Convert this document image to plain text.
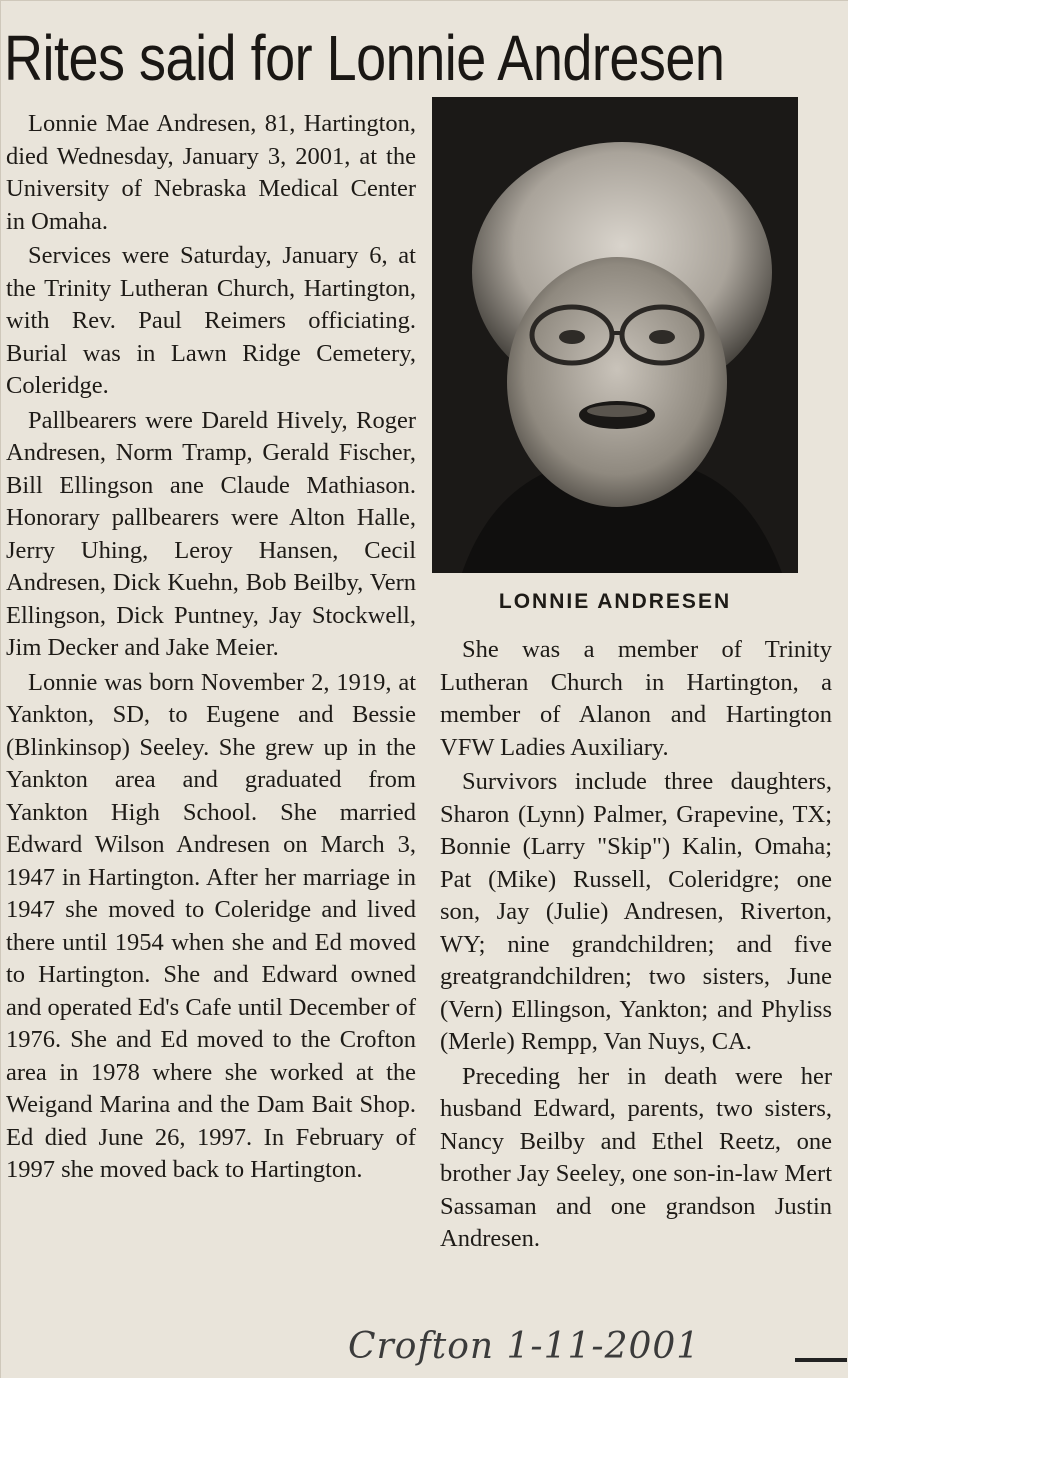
Rites said for Lonnie Andresen

Lonnie Mae Andresen, 81, Hartington, died Wednesday, January 3, 2001, at the University of Nebraska Medical Center in Omaha.

Services were Saturday, January 6, at the Trinity Lutheran Church, Hartington, with Rev. Paul Reimers officiating. Burial was in Lawn Ridge Cemetery, Coleridge.

Pallbearers were Dareld Hively, Roger Andresen, Norm Tramp, Gerald Fischer, Bill Ellingson ane Claude Mathiason. Honorary pallbearers were Alton Halle, Jerry Uhing, Leroy Hansen, Cecil Andresen, Dick Kuehn, Bob Beilby, Vern Ellingson, Dick Puntney, Jay Stockwell, Jim Decker and Jake Meier.

Lonnie was born November 2, 1919, at Yankton, SD, to Eugene and Bessie (Blinkinsop) Seeley. She grew up in the Yankton area and graduated from Yankton High School. She married Edward Wilson Andresen on March 3, 1947 in Hartington. After her marriage in 1947 she moved to Coleridge and lived there until 1954 when she and Ed moved to Hartington. She and Edward owned and operated Ed's Cafe until December of 1976. She and Ed moved to the Crofton area in 1978 where she worked at the Weigand Marina and the Dam Bait Shop. Ed died June 26, 1997. In February of 1997 she moved back to Hartington.

LONNIE ANDRESEN

She was a member of Trinity Lutheran Church in Hartington, a member of Alanon and Hartington VFW Ladies Auxiliary.

Survivors include three daughters, Sharon (Lynn) Palmer, Grapevine, TX; Bonnie (Larry "Skip") Kalin, Omaha; Pat (Mike) Russell, Coleridgre; one son, Jay (Julie) Andresen, Riverton, WY; nine grandchildren; and five greatgrandchildren; two sisters, June (Vern) Ellingson, Yankton; and Phyliss (Merle) Rempp, Van Nuys, CA.

Preceding her in death were her husband Edward, parents, two sisters, Nancy Beilby and Ethel Reetz, one brother Jay Seeley, one son-in-law Mert Sassaman and one grandson Justin Andresen.

Crofton 1-11-2001
